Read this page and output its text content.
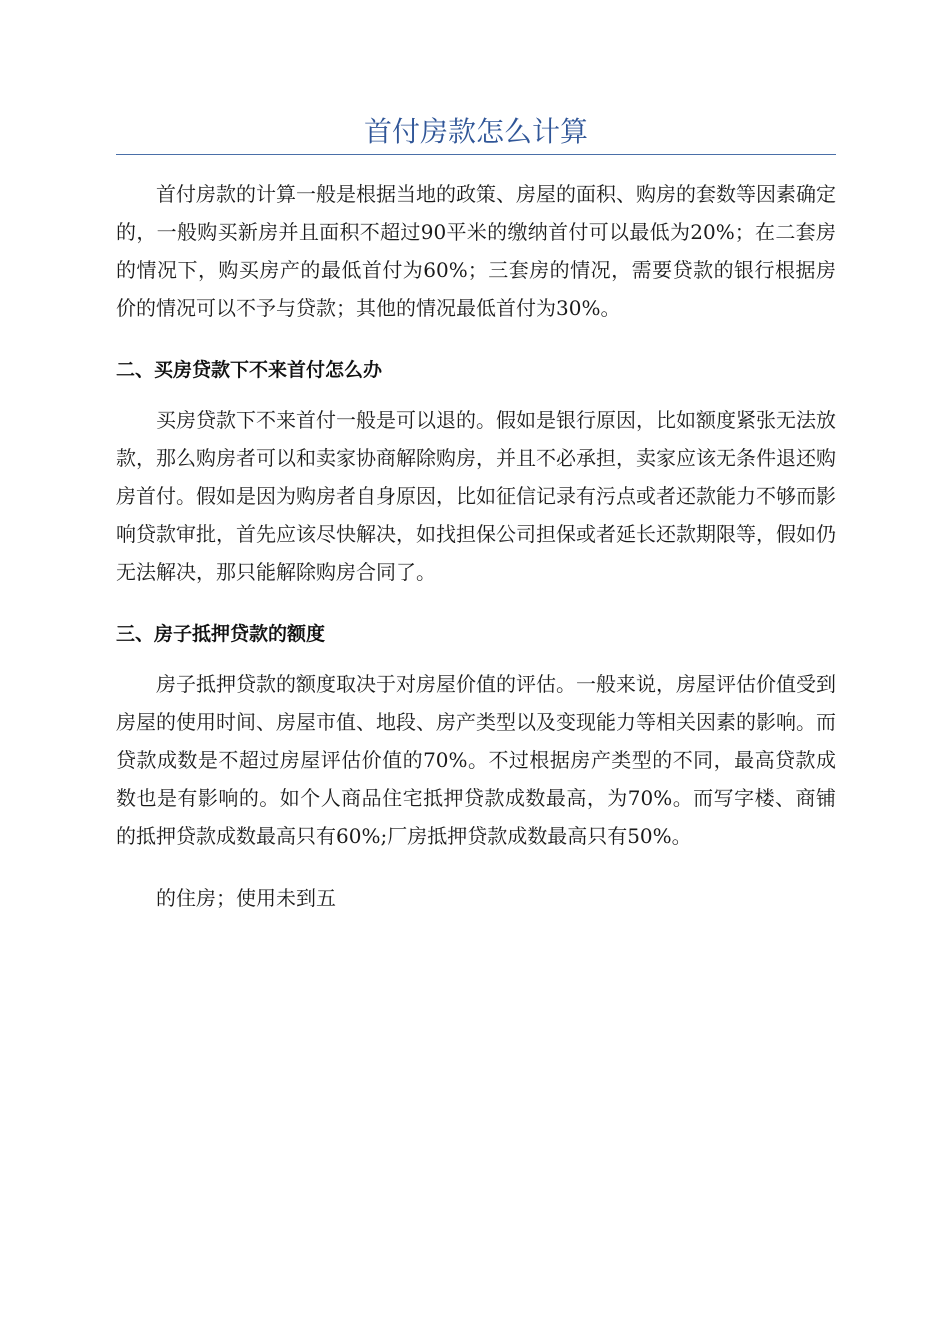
首付房款怎么计算

首付房款的计算一般是根据当地的政策、房屋的面积、购房的套数等因素确定的，一般购买新房并且面积不超过90平米的缴纳首付可以最低为20%；在二套房的情况下，购买房产的最低首付为60%；三套房的情况，需要贷款的银行根据房价的情况可以不予与贷款；其他的情况最低首付为30%。

二、买房贷款下不来首付怎么办

买房贷款下不来首付一般是可以退的。假如是银行原因，比如额度紧张无法放款，那么购房者可以和卖家协商解除购房，并且不必承担，卖家应该无条件退还购房首付。假如是因为购房者自身原因，比如征信记录有污点或者还款能力不够而影响贷款审批，首先应该尽快解决，如找担保公司担保或者延长还款期限等，假如仍无法解决，那只能解除购房合同了。

三、房子抵押贷款的额度

房子抵押贷款的额度取决于对房屋价值的评估。一般来说，房屋评估价值受到房屋的使用时间、房屋市值、地段、房产类型以及变现能力等相关因素的影响。而贷款成数是不超过房屋评估价值的70%。不过根据房产类型的不同，最高贷款成数也是有影响的。如个人商品住宅抵押贷款成数最高，为70%。而写字楼、商铺的抵押贷款成数最高只有60%;厂房抵押贷款成数最高只有50%。

的住房；使用未到五
